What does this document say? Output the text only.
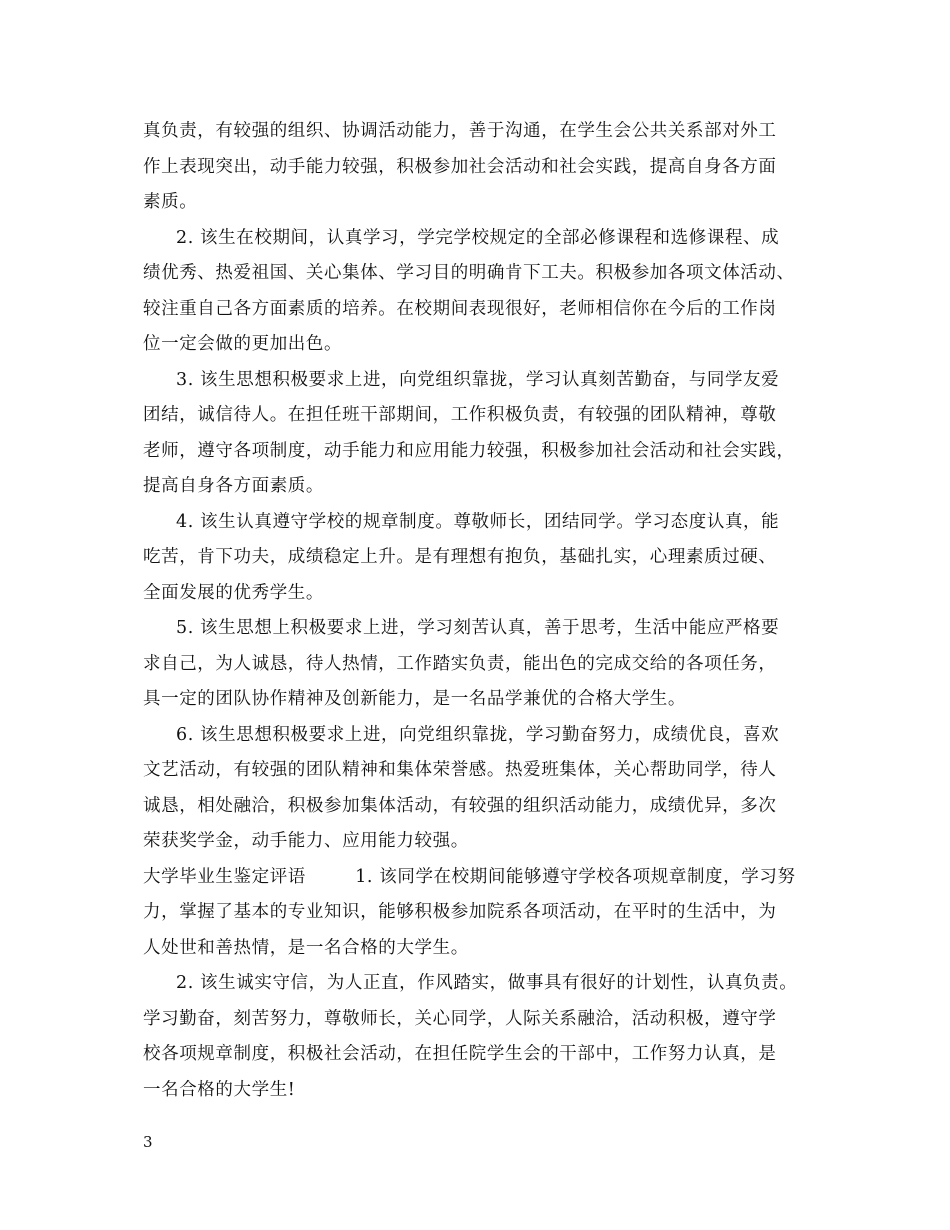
真负责，有较强的组织、协调活动能力，善于沟通，在学生会公共关系部对外工
作上表现突出，动手能力较强，积极参加社会活动和社会实践，提高自身各方面
素质。
2. 该生在校期间，认真学习，学完学校规定的全部必修课程和选修课程、成
绩优秀、热爱祖国、关心集体、学习目的明确肯下工夫。积极参加各项文体活动、
较注重自己各方面素质的培养。在校期间表现很好，老师相信你在今后的工作岗
位一定会做的更加出色。
3. 该生思想积极要求上进，向党组织靠拢，学习认真刻苦勤奋，与同学友爱
团结，诚信待人。在担任班干部期间，工作积极负责，有较强的团队精神，尊敬
老师，遵守各项制度，动手能力和应用能力较强，积极参加社会活动和社会实践，
提高自身各方面素质。
4. 该生认真遵守学校的规章制度。尊敬师长，团结同学。学习态度认真，能
吃苦，肯下功夫，成绩稳定上升。是有理想有抱负，基础扎实，心理素质过硬、
全面发展的优秀学生。
5. 该生思想上积极要求上进，学习刻苦认真，善于思考，生活中能应严格要
求自己，为人诚恳，待人热情，工作踏实负责，能出色的完成交给的各项任务，
具一定的团队协作精神及创新能力，是一名品学兼优的合格大学生。
6. 该生思想积极要求上进，向党组织靠拢，学习勤奋努力，成绩优良，喜欢
文艺活动，有较强的团队精神和集体荣誉感。热爱班集体，关心帮助同学，待人
诚恳，相处融洽，积极参加集体活动，有较强的组织活动能力，成绩优异，多次
荣获奖学金，动手能力、应用能力较强。
大学毕业生鉴定评语        1. 该同学在校期间能够遵守学校各项规章制度，学习努
力，掌握了基本的专业知识，能够积极参加院系各项活动，在平时的生活中，为
人处世和善热情，是一名合格的大学生。
2. 该生诚实守信，为人正直，作风踏实，做事具有很好的计划性，认真负责。
学习勤奋，刻苦努力，尊敬师长，关心同学，人际关系融洽，活动积极，遵守学
校各项规章制度，积极社会活动，在担任院学生会的干部中，工作努力认真，是
一名合格的大学生!
3
